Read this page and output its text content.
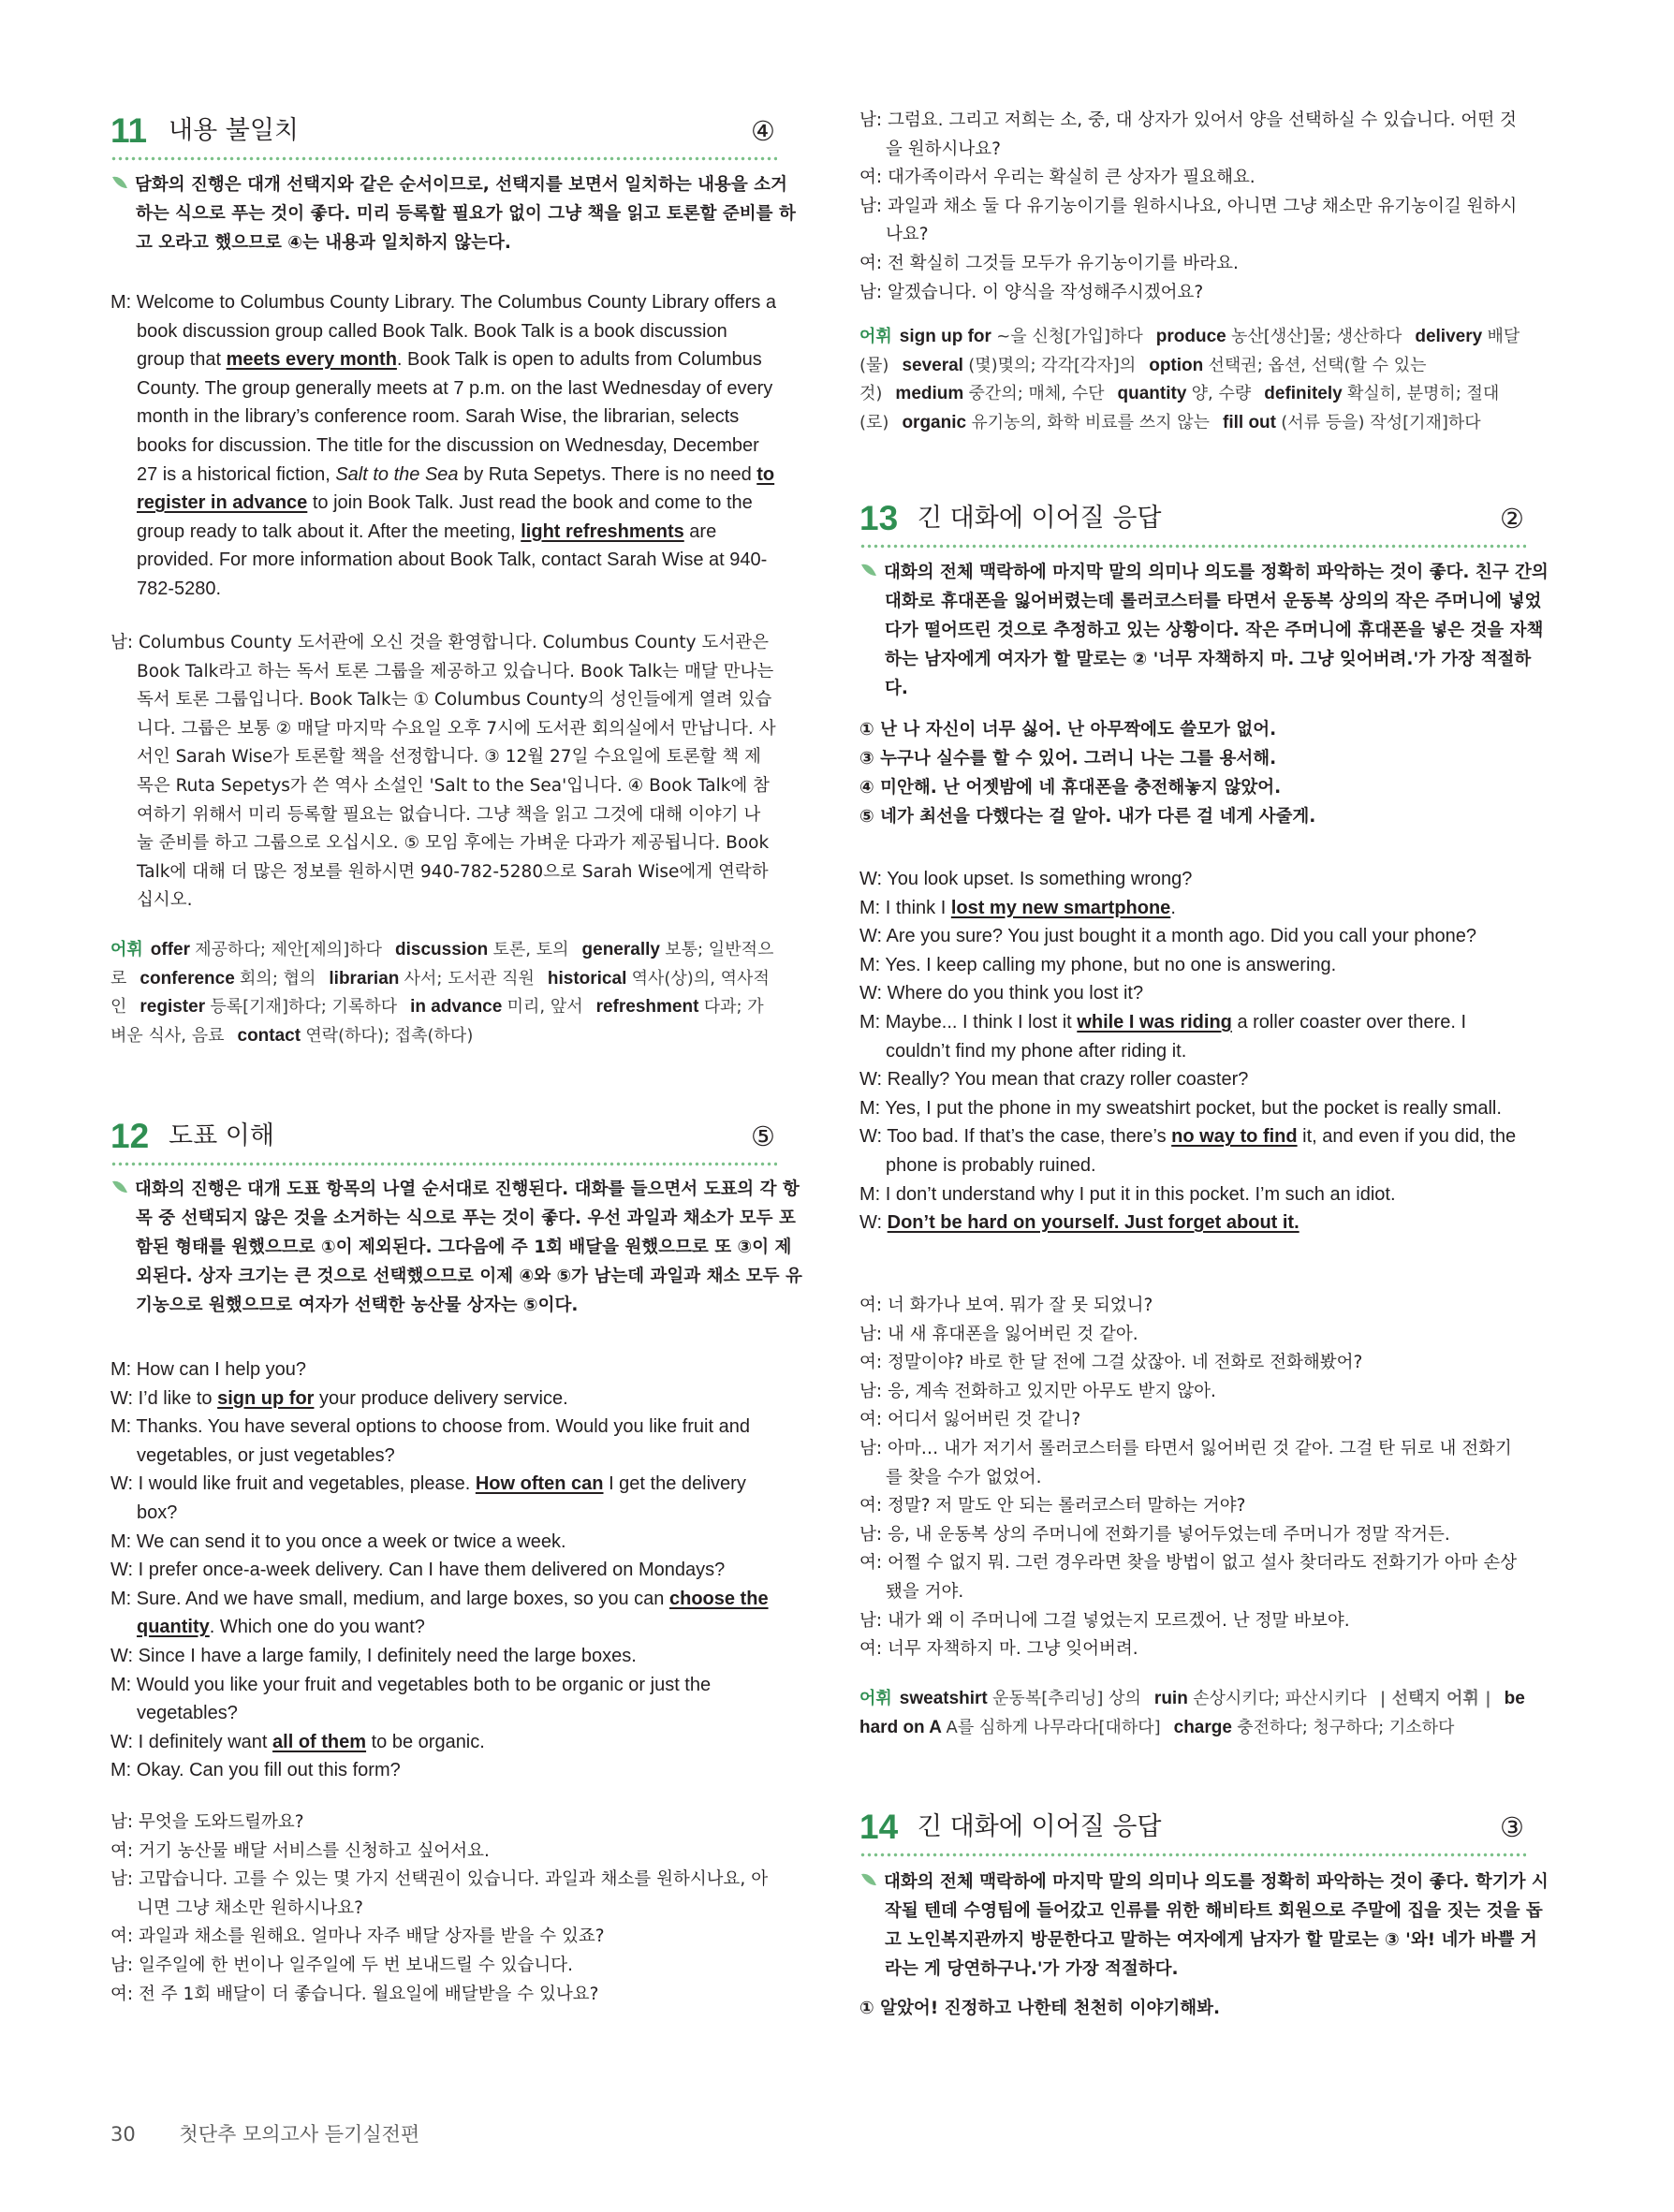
11 내용 불일치	④
담화의 진행은 대개 선택지와 같은 순서이므로, 선택지를 보면서 일치하는 내용을 소거하는 식으로 푸는 것이 좋다. 미리 등록할 필요가 없이 그냥 책을 읽고 토론할 준비를 하고 오라고 했으므로 ④는 내용과 일치하지 않는다.
M: Welcome to Columbus County Library. The Columbus County Library offers a book discussion group called Book Talk. Book Talk is a book discussion group that meets every month. Book Talk is open to adults from Columbus County. The group generally meets at 7 p.m. on the last Wednesday of every month in the library’s conference room. Sarah Wise, the librarian, selects books for discussion. The title for the discussion on Wednesday, December 27 is a historical fiction, Salt to the Sea by Ruta Sepetys. There is no need to register in advance to join Book Talk. Just read the book and come to the group ready to talk about it. After the meeting, light refreshments are provided. For more information about Book Talk, contact Sarah Wise at 940-782-5280.
남: Columbus County 도서관에 오신 것을 환영합니다. Columbus County 도서관은 Book Talk라고 하는 독서 토론 그룹을 제공하고 있습니다. Book Talk는 매달 만나는 독서 토론 그룹입니다. Book Talk는 ① Columbus County의 성인들에게 열려 있습니다. 그룹은 보통 ② 매달 마지막 수요일 오후 7시에 도서관 회의실에서 만납니다. 사서인 Sarah Wise가 토론할 책을 선정합니다. ③ 12월 27일 수요일에 토론할 책 제목은 Ruta Sepetys가 쓴 역사 소설인 'Salt to the Sea'입니다. ④ Book Talk에 참여하기 위해서 미리 등록할 필요는 없습니다. 그냥 책을 읽고 그것에 대해 이야기 나눌 준비를 하고 그룹으로 오십시오. ⑤ 모임 후에는 가벼운 다과가 제공됩니다. Book Talk에 대해 더 많은 정보를 원하시면 940-782-5280으로 Sarah Wise에게 연락하십시오.
어휘 offer 제공하다; 제안[제의]하다 discussion 토론, 토의 generally 보통; 일반적으로 conference 회의; 협의 librarian 사서; 도서관 직원 historical 역사(상)의, 역사적인 register 등록[기재]하다; 기록하다 in advance 미리, 앞서 refreshment 다과; 가벼운 식사, 음료 contact 연락(하다); 접촉(하다)
12 도표 이해	⑤
대화의 진행은 대개 도표 항목의 나열 순서대로 진행된다. 대화를 들으면서 도표의 각 항목 중 선택되지 않은 것을 소거하는 식으로 푸는 것이 좋다. 우선 과일과 채소가 모두 포함된 형태를 원했으므로 ①이 제외된다. 그다음에 주 1회 배달을 원했으므로 또 ③이 제외된다. 상자 크기는 큰 것으로 선택했으므로 이제 ④와 ⑤가 남는데 과일과 채소 모두 유기농으로 원했으므로 여자가 선택한 농산물 상자는 ⑤이다.
M: How can I help you?
W: I’d like to sign up for your produce delivery service.
M: Thanks. You have several options to choose from. Would you like fruit and vegetables, or just vegetables?
W: I would like fruit and vegetables, please. How often can I get the delivery box?
M: We can send it to you once a week or twice a week.
W: I prefer once-a-week delivery. Can I have them delivered on Mondays?
M: Sure. And we have small, medium, and large boxes, so you can choose the quantity. Which one do you want?
W: Since I have a large family, I definitely need the large boxes.
M: Would you like your fruit and vegetables both to be organic or just the vegetables?
W: I definitely want all of them to be organic.
M: Okay. Can you fill out this form?
남: 무엇을 도와드릴까요?
여: 거기 농산물 배달 서비스를 신청하고 싶어서요.
남: 고맙습니다. 고를 수 있는 몇 가지 선택권이 있습니다. 과일과 채소를 원하시나요, 아니면 그냥 채소만 원하시나요?
여: 과일과 채소를 원해요. 얼마나 자주 배달 상자를 받을 수 있죠?
남: 일주일에 한 번이나 일주일에 두 번 보내드릴 수 있습니다.
여: 전 주 1회 배달이 더 좋습니다. 월요일에 배달받을 수 있나요?
30 첫단추 모의고사 듣기실전편
남: 그럼요. 그리고 저희는 소, 중, 대 상자가 있어서 양을 선택하실 수 있습니다. 어떤 것을 원하시나요?
여: 대가족이라서 우리는 확실히 큰 상자가 필요해요.
남: 과일과 채소 둘 다 유기농이기를 원하시나요, 아니면 그냥 채소만 유기농이길 원하시나요?
여: 전 확실히 그것들 모두가 유기농이기를 바라요.
남: 알겠습니다. 이 양식을 작성해주시겠어요?
어휘 sign up for ~을 신청[가입]하다 produce 농산[생산]물; 생산하다 delivery 배달(물) several (몇)몇의; 각각[각자]의 option 선택권; 옵션, 선택(할 수 있는 것) medium 중간의; 매체, 수단 quantity 양, 수량 definitely 확실히, 분명히; 절대(로) organic 유기농의, 화학 비료를 쓰지 않는 fill out (서류 등을) 작성[기재]하다
13 긴 대화에 이어질 응답	②
대화의 전체 맥락하에 마지막 말의 의미나 의도를 정확히 파악하는 것이 좋다. 친구 간의 대화로 휴대폰을 잃어버렸는데 롤러코스터를 타면서 운동복 상의의 작은 주머니에 넣었다가 떨어뜨린 것으로 추정하고 있는 상황이다. 작은 주머니에 휴대폰을 넣은 것을 자책하는 남자에게 여자가 할 말로는 ② '너무 자책하지 마. 그냥 잊어버려.'가 가장 적절하다.
① 난 나 자신이 너무 싫어. 난 아무짝에도 쓸모가 없어.
③ 누구나 실수를 할 수 있어. 그러니 나는 그를 용서해.
④ 미안해. 난 어젯밤에 네 휴대폰을 충전해놓지 않았어.
⑤ 네가 최선을 다했다는 걸 알아. 내가 다른 걸 네게 사줄게.
W: You look upset. Is something wrong?
M: I think I lost my new smartphone.
W: Are you sure? You just bought it a month ago. Did you call your phone?
M: Yes. I keep calling my phone, but no one is answering.
W: Where do you think you lost it?
M: Maybe... I think I lost it while I was riding a roller coaster over there. I couldn’t find my phone after riding it.
W: Really? You mean that crazy roller coaster?
M: Yes, I put the phone in my sweatshirt pocket, but the pocket is really small.
W: Too bad. If that’s the case, there’s no way to find it, and even if you did, the phone is probably ruined.
M: I don’t understand why I put it in this pocket. I’m such an idiot.
W: Don’t be hard on yourself. Just forget about it.
여: 너 화가나 보여. 뭐가 잘 못 되었니?
남: 내 새 휴대폰을 잃어버린 것 같아.
여: 정말이야? 바로 한 달 전에 그걸 샀잖아. 네 전화로 전화해봤어?
남: 응, 계속 전화하고 있지만 아무도 받지 않아.
여: 어디서 잃어버린 것 같니?
남: 아마… 내가 저기서 롤러코스터를 타면서 잃어버린 것 같아. 그걸 탄 뒤로 내 전화기를 찾을 수가 없었어.
여: 정말? 저 말도 안 되는 롤러코스터 말하는 거야?
남: 응, 내 운동복 상의 주머니에 전화기를 넣어두었는데 주머니가 정말 작거든.
여: 어쩔 수 없지 뭐. 그런 경우라면 찾을 방법이 없고 설사 찾더라도 전화기가 아마 손상됐을 거야.
남: 내가 왜 이 주머니에 그걸 넣었는지 모르겠어. 난 정말 바보야.
여: 너무 자책하지 마. 그냥 잊어버려.
어휘 sweatshirt 운동복[추리닝] 상의 ruin 손상시키다; 파산시키다 | 선택지 어휘 | be hard on A A를 심하게 나무라다[대하다] charge 충전하다; 청구하다; 기소하다
14 긴 대화에 이어질 응답	③
대화의 전체 맥락하에 마지막 말의 의미나 의도를 정확히 파악하는 것이 좋다. 학기가 시작될 텐데 수영팀에 들어갔고 인류를 위한 해비타트 회원으로 주말에 집을 짓는 것을 돕고 노인복지관까지 방문한다고 말하는 여자에게 남자가 할 말로는 ③ '와! 네가 바쁠 거라는 게 당연하구나.'가 가장 적절하다.
① 알았어! 진정하고 나한테 천천히 이야기해봐.
